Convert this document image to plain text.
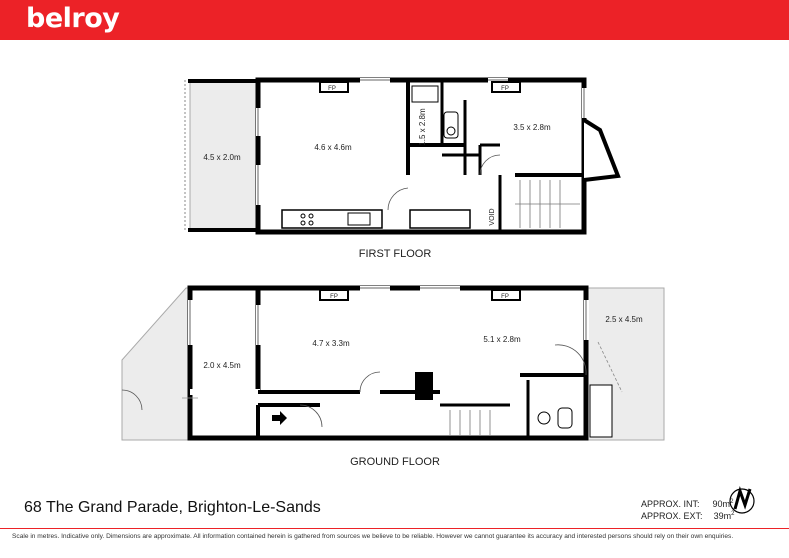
belroy
4.5 x 2.0m
4.6 x 4.6m
1.5 x 2.8m	3.5 x 2.8m
FP	FP
VOID
FIRST FLOOR
2.0 x 4.5m
4.7 x 3.3m	5.1 x 2.8m
2.5 x 4.5m
FP	FP
GROUND FLOOR
68 The Grand Parade, Brighton-Le-Sands	APPROX. INT: $90m^2$
APPROX. EXT: $39m^2$
Scale in metres. Indicative only. Dimensions are approximate. All information contained herein is gathered from sources we believe to be reliable. However we cannot guarantee its accuracy and interested persons should rely on their own enquiries.
